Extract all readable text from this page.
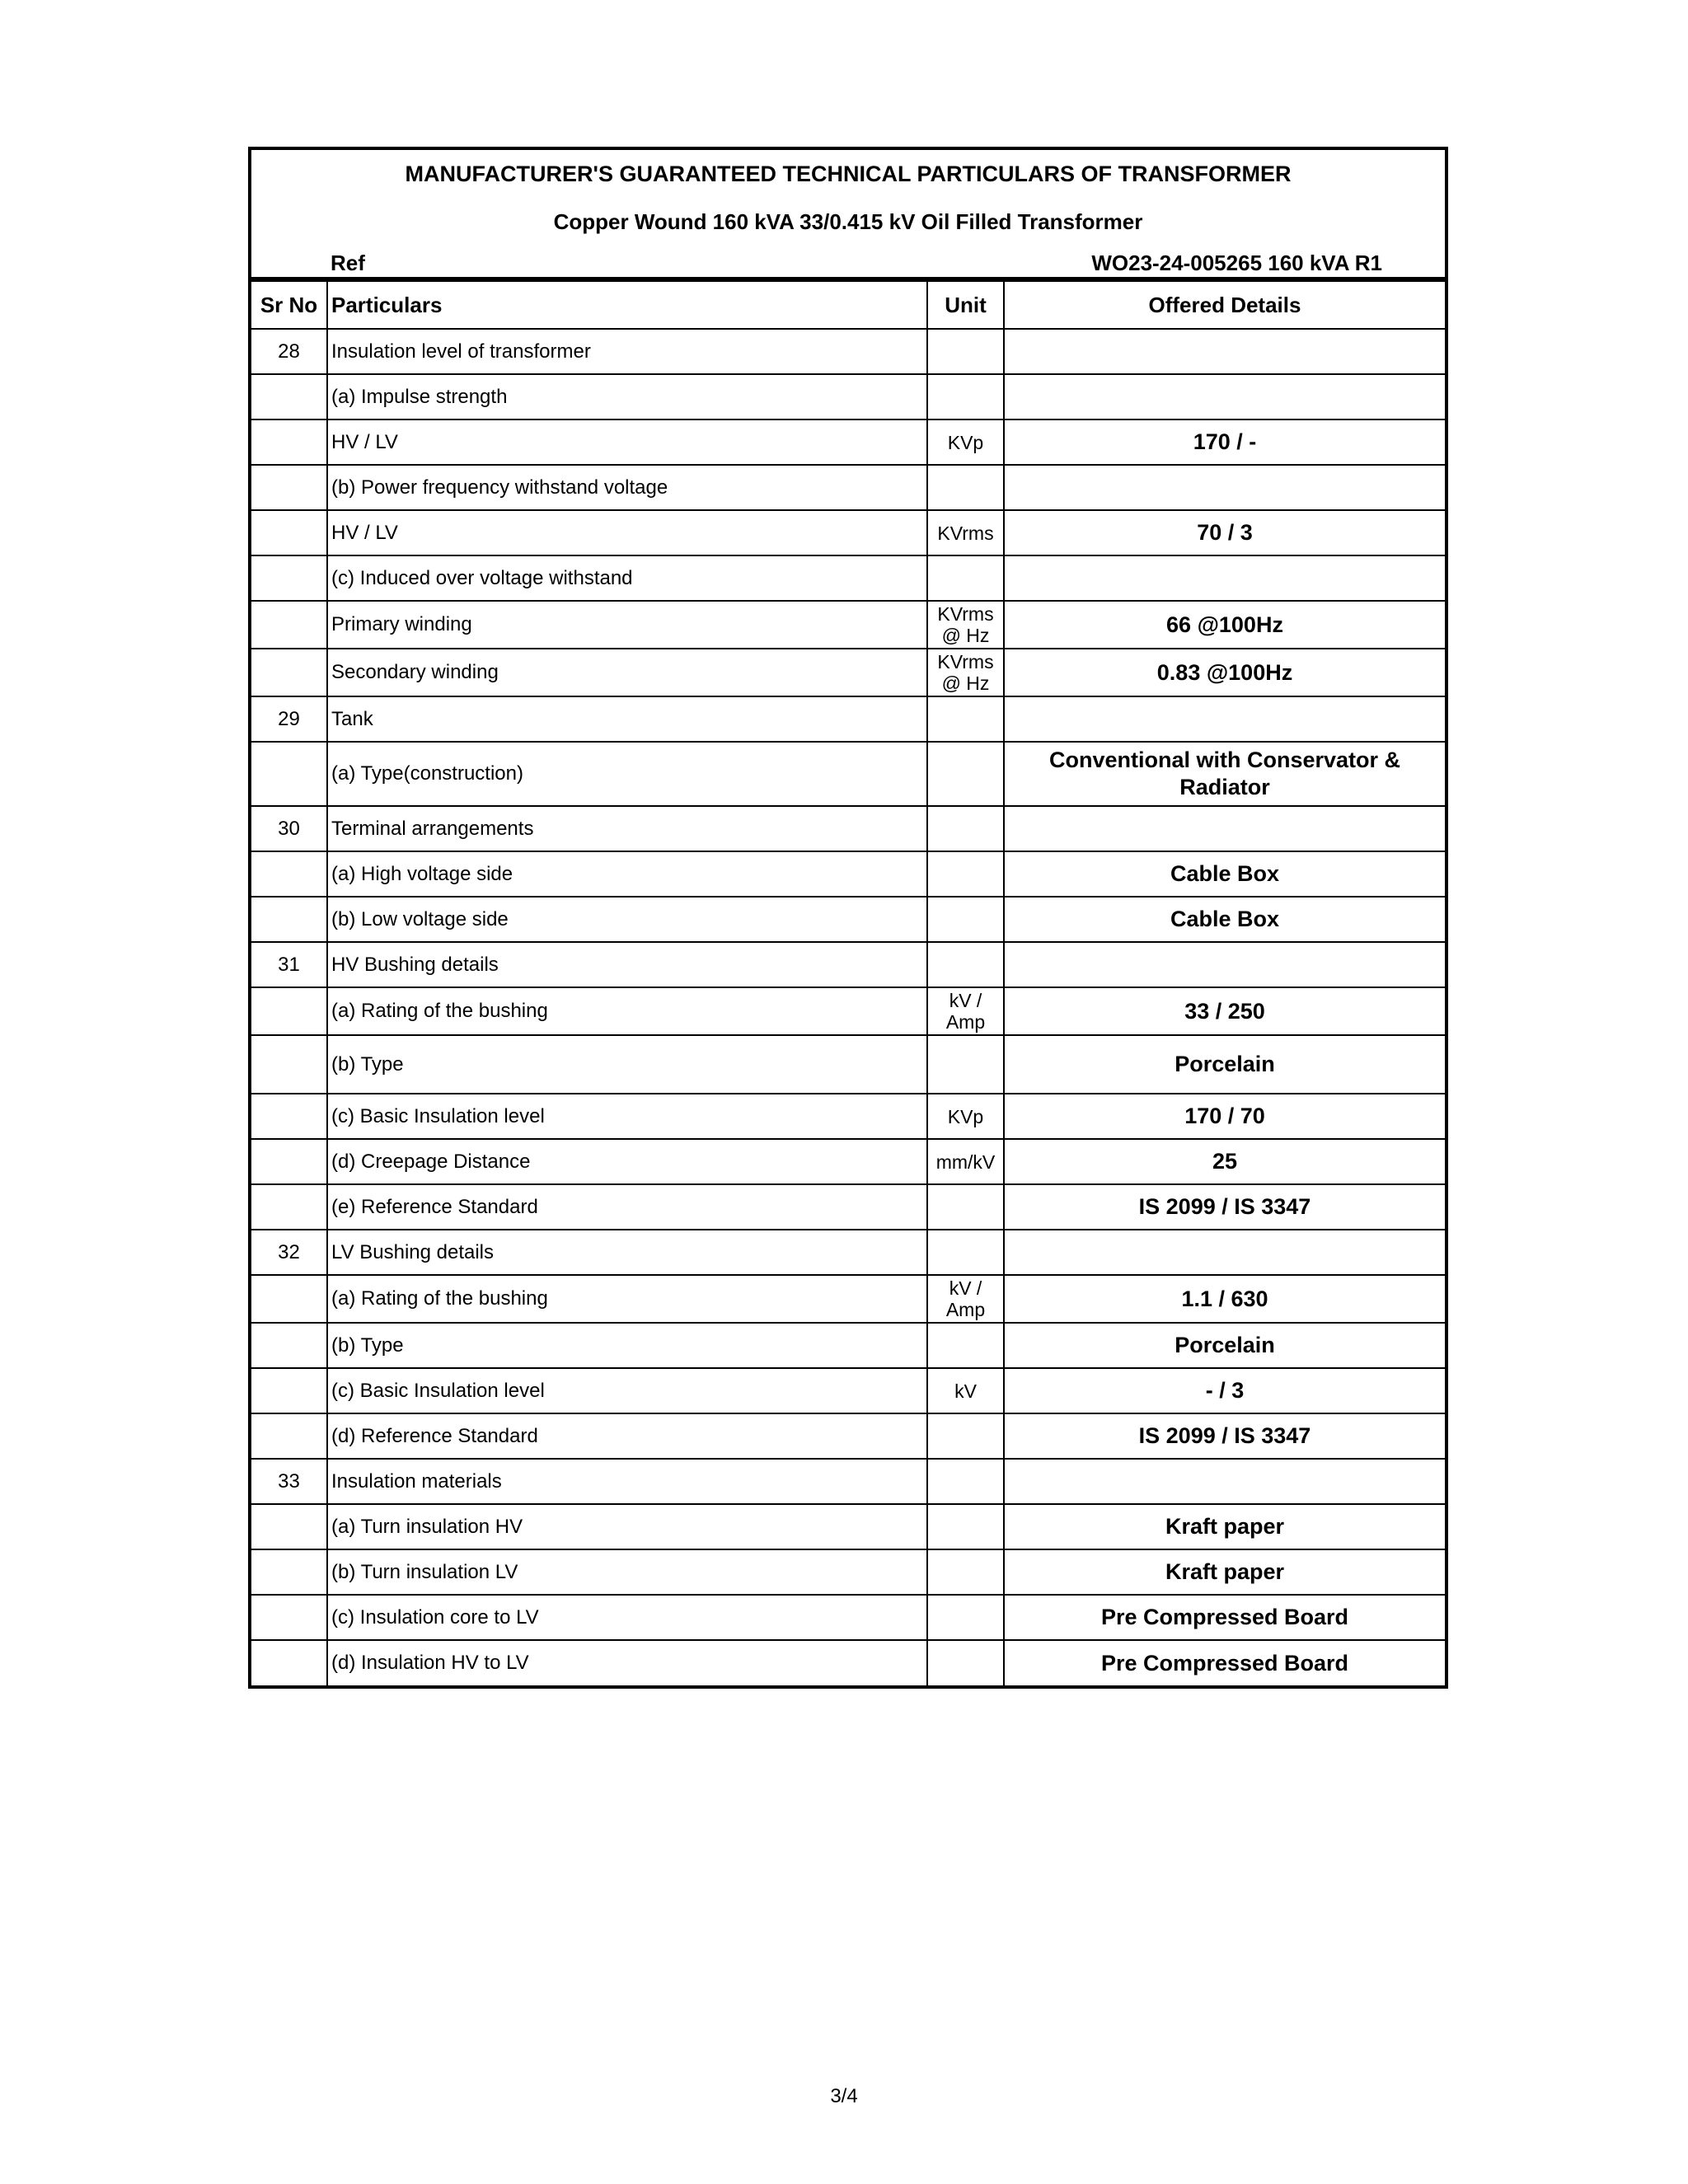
MANUFACTURER'S GUARANTEED TECHNICAL PARTICULARS OF TRANSFORMER
Copper Wound 160 kVA 33/0.415 kV Oil Filled Transformer
Ref	WO23-24-005265 160 kVA R1
Sr No	Particulars	Unit	Offered Details
28	Insulation level of transformer		
	(a) Impulse strength		
	HV / LV	KVp	170 / -
	(b) Power frequency withstand voltage		
	HV / LV	KVrms	70 / 3
	(c) Induced over voltage withstand		
	Primary winding	KVrms @ Hz	66 @100Hz
	Secondary winding	KVrms @ Hz	0.83 @100Hz
29	Tank		
	(a) Type(construction)		Conventional with Conservator & Radiator
30	Terminal arrangements		
	(a) High voltage side		Cable Box
	(b) Low voltage side		Cable Box
31	HV Bushing details		
	(a) Rating of the bushing	kV / Amp	33 / 250
	(b) Type		Porcelain
	(c) Basic Insulation level	KVp	170 / 70
	(d) Creepage Distance	mm/kV	25
	(e) Reference Standard		IS 2099 / IS 3347
32	LV Bushing details		
	(a) Rating of the bushing	kV / Amp	1.1 / 630
	(b) Type		Porcelain
	(c) Basic Insulation level	kV	- / 3
	(d) Reference Standard		IS 2099 / IS 3347
33	Insulation materials		
	(a) Turn insulation HV		Kraft paper
	(b) Turn insulation LV		Kraft paper
	(c) Insulation core to LV		Pre Compressed Board
	(d) Insulation HV to LV		Pre Compressed Board
3/4
